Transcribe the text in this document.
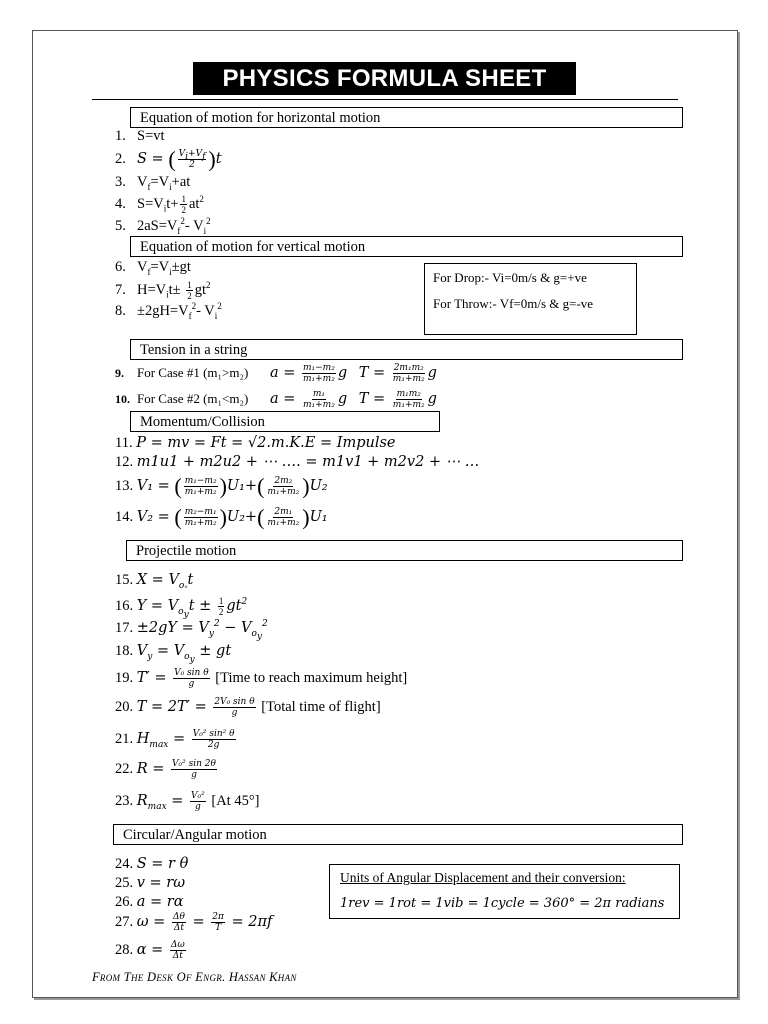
PHYSICS FORMULA SHEET
Equation of motion for horizontal motion
1. S=vt
2. S = ( $\frac{V_i+V_f}{2} )t$
3. $V_f=V_i+at$
4. $S=V_it+ \frac{1}{2} at^2$
5. $2aS=V_f^2-$ $V_i^2$
Equation of motion for vertical motion
6. $V_f=V_i\pm gt$
7. $H=V_it\pm \frac{1}{2} gt^2$
8. $\pm 2gH=V_f^2-$ $V_i^2$
For Drop:- Vi=0m/s & g=+ve
For Throw:- Vf=0m/s & g=-ve
Tension in a string
9. For Case #1 (m₁>m₂) $a = \frac{\text{m₁−m₂}}{\text{m₁+m₂}}$ g $T = \frac{\text{2m₁m₂}}{\text{m₁+m₂}}$ g
10. For Case #2 (m₁<m₂) $a = \frac{\text{m₁}}{\text{m₁+m₂}}$ g $T = \frac{\text{m₁m₂}}{\text{m₁+m₂}}$ g
Momentum/Collision
11. P = mv = Ft = √2.m.K.E = Impulse
12. m1u1 + m2u2 + ⋯ …. = m1v1 + m2v2 + ⋯ …
13. V₁ = ( $\frac{\text{m₁−m₂}}{\text{m₁+m₂}} )U_1+( \frac{\text{2m₂}}{\text{m₁+m₂}} )U_2$
14. V₂ = ( $\frac{\text{m₂−m₁}}{\text{m₁+m₂}} )U_2+( \frac{\text{2m₁}}{\text{m₁+m₂}} )U_1$
Projectile motion
15. $X = V_{o_x}t$
16. $Y = V_{o_y}t \pm \frac{1}{2} gt^2$
17. $\pm 2gY = V_y^2 - V_{o_y}^2$
18. $V_y = V_{o_y}$ ± gt
19. $T' = \frac{\text{V₀ sin θ}}{g}$ [Time to reach maximum height]
20. $T = 2T' = \frac{\text{2V₀ sin θ}}{g}$ [Total time of flight]
21. $H_{max} = \frac{\text{V₀² sin² θ}}{2g}$
22. $R = \frac{\text{V₀² sin 2θ}}{g}$
23. $R_{max} = \frac{\text{V₀²}}{g} [At$ 45°]
Circular/Angular motion
24. S = r θ
25. v = rω
26. a = rα
27. $\omega = \frac{\Delta\theta}{\Delta t} = \frac{2\pi}{T} = 2\pi f$
28. $\alpha = \frac{\Delta\omega}{\Delta t}$
Units of Angular Displacement and their conversion:
1rev = 1rot = 1vib = 1cycle = 360° = 2π radians
From The Desk Of Engr. Hassan Khan
